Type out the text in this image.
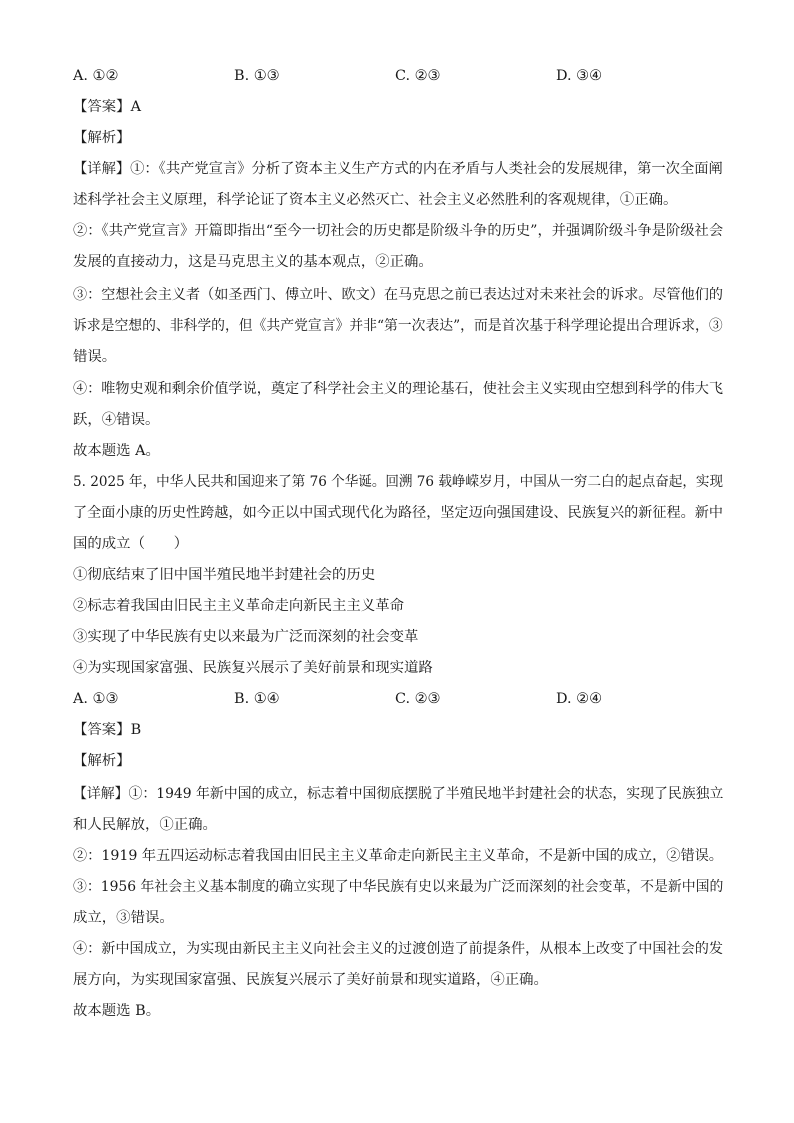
A. ①②	B. ①③	C. ②③	D. ③④
【答案】A
【解析】
【详解】①：《共产党宣言》分析了资本主义生产方式的内在矛盾与人类社会的发展规律，第一次全面阐
述科学社会主义原理，科学论证了资本主义必然灭亡、社会主义必然胜利的客观规律，①正确。
②：《共产党宣言》开篇即指出“至今一切社会的历史都是阶级斗争的历史”，并强调阶级斗争是阶级社会
发展的直接动力，这是马克思主义的基本观点，②正确。
③：空想社会主义者（如圣西门、傅立叶、欧文）在马克思之前已表达过对未来社会的诉求。尽管他们的
诉求是空想的、非科学的，但《共产党宣言》并非“第一次表达”，而是首次基于科学理论提出合理诉求，③
错误。
④：唯物史观和剩余价值学说，奠定了科学社会主义的理论基石，使社会主义实现由空想到科学的伟大飞
跃，④错误。
故本题选 A。
5. 2025 年，中华人民共和国迎来了第 76 个华诞。回溯 76 载峥嵘岁月，中国从一穷二白的起点奋起，实现
了全面小康的历史性跨越，如今正以中国式现代化为路径，坚定迈向强国建设、民族复兴的新征程。新中
国的成立（　　）
①彻底结束了旧中国半殖民地半封建社会的历史
②标志着我国由旧民主主义革命走向新民主主义革命
③实现了中华民族有史以来最为广泛而深刻的社会变革
④为实现国家富强、民族复兴展示了美好前景和现实道路
A. ①③	B. ①④	C. ②③	D. ②④
【答案】B
【解析】
【详解】①：1949 年新中国的成立，标志着中国彻底摆脱了半殖民地半封建社会的状态，实现了民族独立
和人民解放，①正确。
②：1919 年五四运动标志着我国由旧民主主义革命走向新民主主义革命，不是新中国的成立，②错误。
③：1956 年社会主义基本制度的确立实现了中华民族有史以来最为广泛而深刻的社会变革，不是新中国的
成立，③错误。
④：新中国成立，为实现由新民主主义向社会主义的过渡创造了前提条件，从根本上改变了中国社会的发
展方向，为实现国家富强、民族复兴展示了美好前景和现实道路，④正确。
故本题选 B。
